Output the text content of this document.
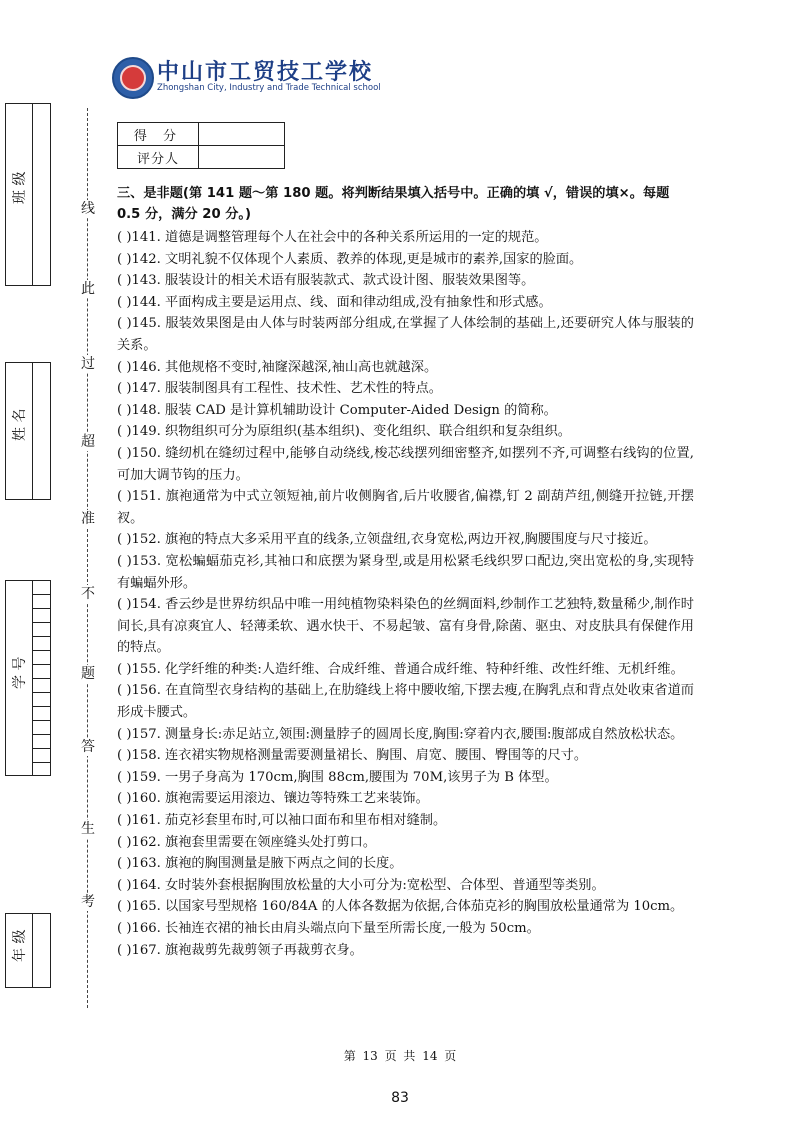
中山市工贸技工学校
Zhongshan City, Industry and Trade Technical school
班 级
姓 名
学 号
年 级
线
此
过
超
准
不
题
答
生
考
得 分	
评分人	

三、是非题(第 141 题～第 180 题。将判断结果填入括号中。正确的填 √，错误的填×。每题 0.5 分，满分 20 分。)

( )141. 道德是调整管理每个人在社会中的各种关系所运用的一定的规范。

( )142. 文明礼貌不仅体现个人素质、教养的体现,更是城市的素养,国家的脸面。

( )143. 服装设计的相关术语有服装款式、款式设计图、服装效果图等。

( )144. 平面构成主要是运用点、线、面和律动组成,没有抽象性和形式感。

( )145. 服装效果图是由人体与时装两部分组成,在掌握了人体绘制的基础上,还要研究人体与服装的关系。

( )146. 其他规格不变时,袖窿深越深,袖山高也就越深。

( )147. 服装制图具有工程性、技术性、艺术性的特点。

( )148. 服装 CAD 是计算机辅助设计 Computer-Aided Design 的简称。

( )149. 织物组织可分为原组织(基本组织)、变化组织、联合组织和复杂组织。

( )150. 缝纫机在缝纫过程中,能够自动绕线,梭芯线摆列细密整齐,如摆列不齐,可调整右线钩的位置,可加大调节钩的压力。

( )151. 旗袍通常为中式立领短袖,前片收侧胸省,后片收腰省,偏襟,钉 2 副葫芦纽,侧缝开拉链,开摆衩。

( )152. 旗袍的特点大多采用平直的线条,立领盘纽,衣身宽松,两边开衩,胸腰围度与尺寸接近。

( )153. 宽松蝙蝠茄克衫,其袖口和底摆为紧身型,或是用松紧毛线织罗口配边,突出宽松的身,实现特有蝙蝠外形。

( )154. 香云纱是世界纺织品中唯一用纯植物染料染色的丝绸面料,纱制作工艺独特,数量稀少,制作时间长,具有凉爽宜人、轻薄柔软、遇水快干、不易起皱、富有身骨,除菌、驱虫、对皮肤具有保健作用的特点。

( )155. 化学纤维的种类:人造纤维、合成纤维、普通合成纤维、特种纤维、改性纤维、无机纤维。

( )156. 在直筒型衣身结构的基础上,在肋缝线上将中腰收缩,下摆去瘦,在胸乳点和背点处收束省道而形成卡腰式。

( )157. 测量身长:赤足站立,领围:测量脖子的圆周长度,胸围:穿着内衣,腰围:腹部成自然放松状态。

( )158. 连衣裙实物规格测量需要测量裙长、胸围、肩宽、腰围、臀围等的尺寸。

( )159. 一男子身高为 170cm,胸围 88cm,腰围为 70M,该男子为 B 体型。

( )160. 旗袍需要运用滚边、镶边等特殊工艺来装饰。

( )161. 茄克衫套里布时,可以袖口面布和里布相对缝制。

( )162. 旗袍套里需要在领座缝头处打剪口。

( )163. 旗袍的胸围测量是腋下两点之间的长度。

( )164. 女时装外套根据胸围放松量的大小可分为:宽松型、合体型、普通型等类别。

( )165. 以国家号型规格 160/84A 的人体各数据为依据,合体茄克衫的胸围放松量通常为 10cm。

( )166. 长袖连衣裙的袖长由肩头端点向下量至所需长度,一般为 50cm。

( )167. 旗袍裁剪先裁剪领子再裁剪衣身。

第 13 页 共 14 页
83
